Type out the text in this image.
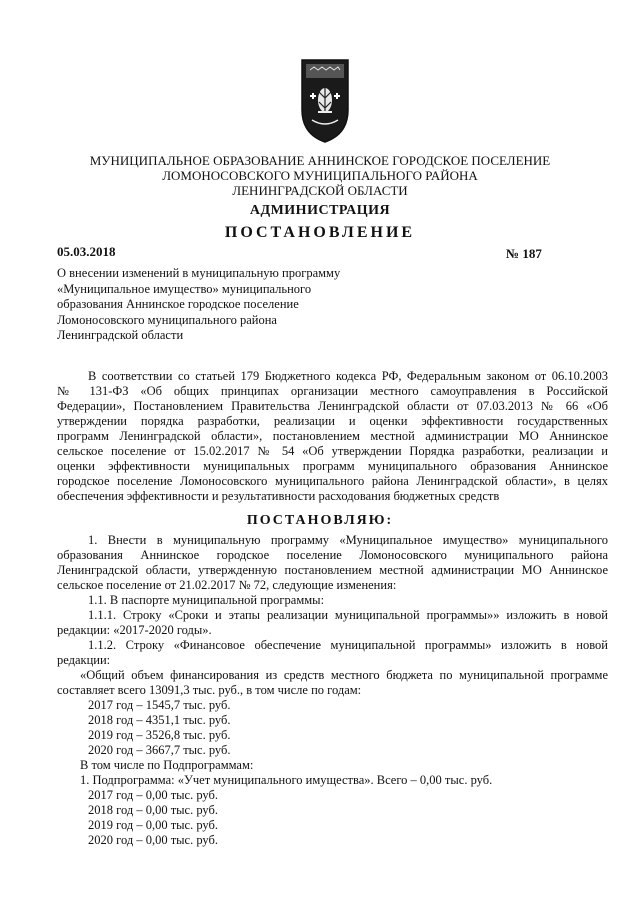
МУНИЦИПАЛЬНОЕ ОБРАЗОВАНИЕ АННИНСКОЕ ГОРОДСКОЕ ПОСЕЛЕНИЕ
ЛОМОНОСОВСКОГО МУНИЦИПАЛЬНОГО РАЙОНА
ЛЕНИНГРАДСКОЙ ОБЛАСТИ
АДМИНИСТРАЦИЯ
ПОСТАНОВЛЕНИЕ
05.03.2018	№ 187
О внесении изменений в муниципальную программу
«Муниципальное имущество» муниципального
образования Аннинское городское поселение
Ломоносовского муниципального района
Ленинградской области
В соответствии со статьей 179 Бюджетного кодекса РФ, Федеральным законом от 06.10.2003
№ 131-ФЗ «Об общих принципах организации местного самоуправления в Российской
Федерации», Постановлением Правительства Ленинградской области от 07.03.2013 № 66 «Об
утверждении порядка разработки, реализации и оценки эффективности государственных
программ Ленинградской области», постановлением местной администрации МО Аннинское
сельское поселение от 15.02.2017 № 54 «Об утверждении Порядка разработки, реализации и
оценки эффективности муниципальных программ муниципального образования Аннинское
городское поселение Ломоносовского муниципального района Ленинградской области», в целях
обеспечения эффективности и результативности расходования бюджетных средств
ПОСТАНОВЛЯЮ:
1. Внести в муниципальную программу «Муниципальное имущество» муниципального
образования Аннинское городское поселение Ломоносовского муниципального района
Ленинградской области, утвержденную постановлением местной администрации МО Аннинское
сельское поселение от 21.02.2017 № 72, следующие изменения:
1.1. В паспорте муниципальной программы:
1.1.1. Строку «Сроки и этапы реализации муниципальной программы»» изложить в новой
редакции: «2017-2020 годы».
1.1.2. Строку «Финансовое обеспечение муниципальной программы» изложить в новой
редакции:
«Общий объем финансирования из средств местного бюджета по муниципальной программе
составляет всего 13091,3 тыс. руб., в том числе по годам:
2017 год – 1545,7 тыс. руб.
2018 год – 4351,1 тыс. руб.
2019 год – 3526,8 тыс. руб.
2020 год – 3667,7 тыс. руб.
В том числе по Подпрограммам:
1. Подпрограмма: «Учет муниципального имущества». Всего – 0,00 тыс. руб.
2017 год – 0,00 тыс. руб.
2018 год – 0,00 тыс. руб.
2019 год – 0,00 тыс. руб.
2020 год – 0,00 тыс. руб.
